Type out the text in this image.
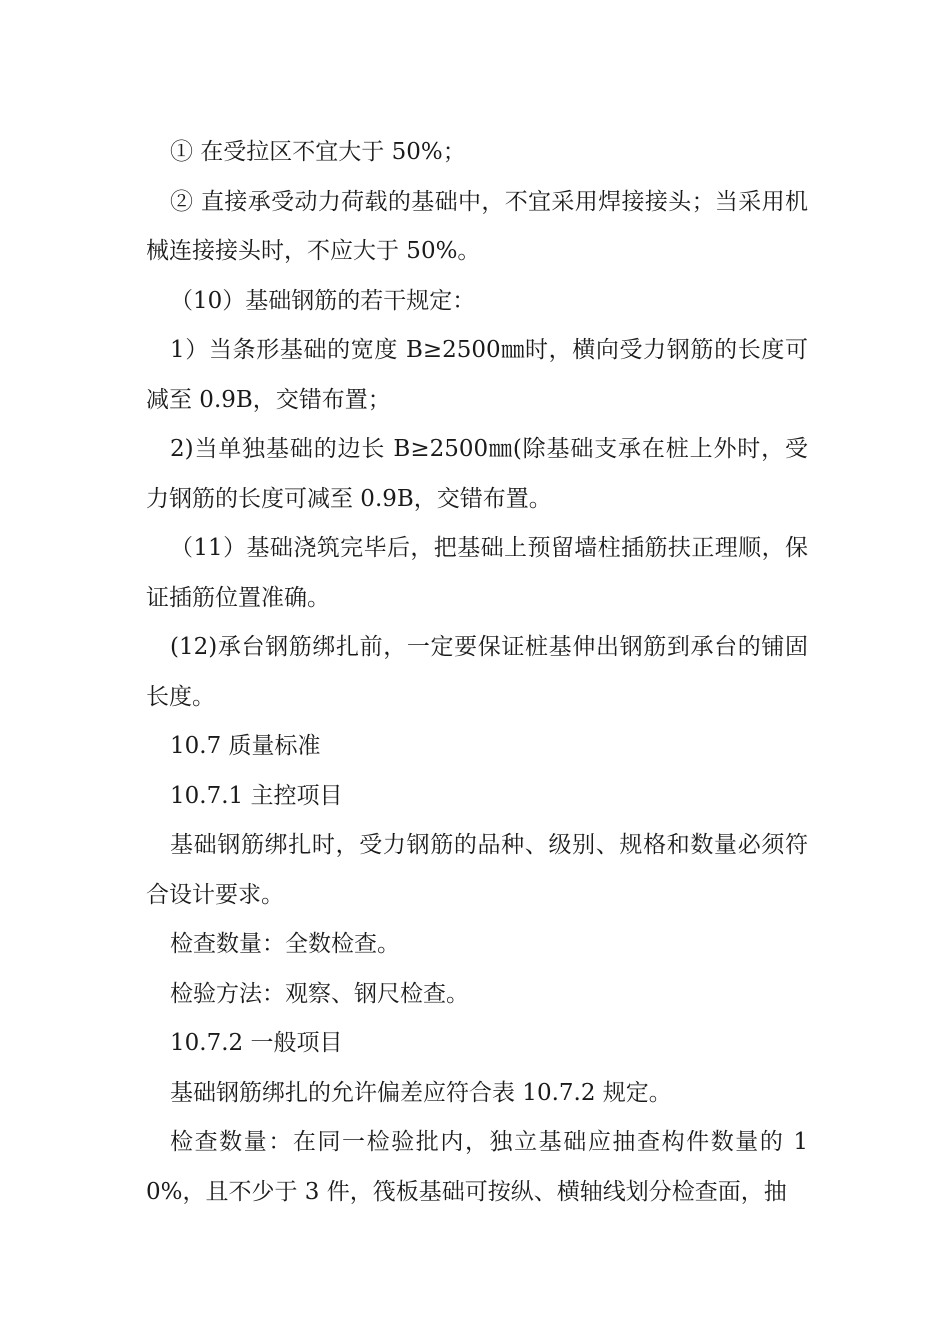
① 在受拉区不宜大于 50%；

② 直接承受动力荷载的基础中，不宜采用焊接接头；当采用机械连接接头时，不应大于 50%。

（10）基础钢筋的若干规定：

1）当条形基础的宽度 B≥2500㎜时，横向受力钢筋的长度可减至 0.9B，交错布置；

2)当单独基础的边长 B≥2500㎜(除基础支承在桩上外时，受力钢筋的长度可减至 0.9B，交错布置。

（11）基础浇筑完毕后，把基础上预留墙柱插筋扶正理顺，保证插筋位置准确。

(12)承台钢筋绑扎前，一定要保证桩基伸出钢筋到承台的铺固长度。

10.7 质量标准

10.7.1 主控项目

基础钢筋绑扎时，受力钢筋的品种、级别、规格和数量必须符合设计要求。

检查数量：全数检查。

检验方法：观察、钢尺检查。

10.7.2 一般项目

基础钢筋绑扎的允许偏差应符合表 10.7.2 规定。

检查数量：在同一检验批内，独立基础应抽查构件数量的 10%，且不少于 3 件，筏板基础可按纵、横轴线划分检查面，抽
